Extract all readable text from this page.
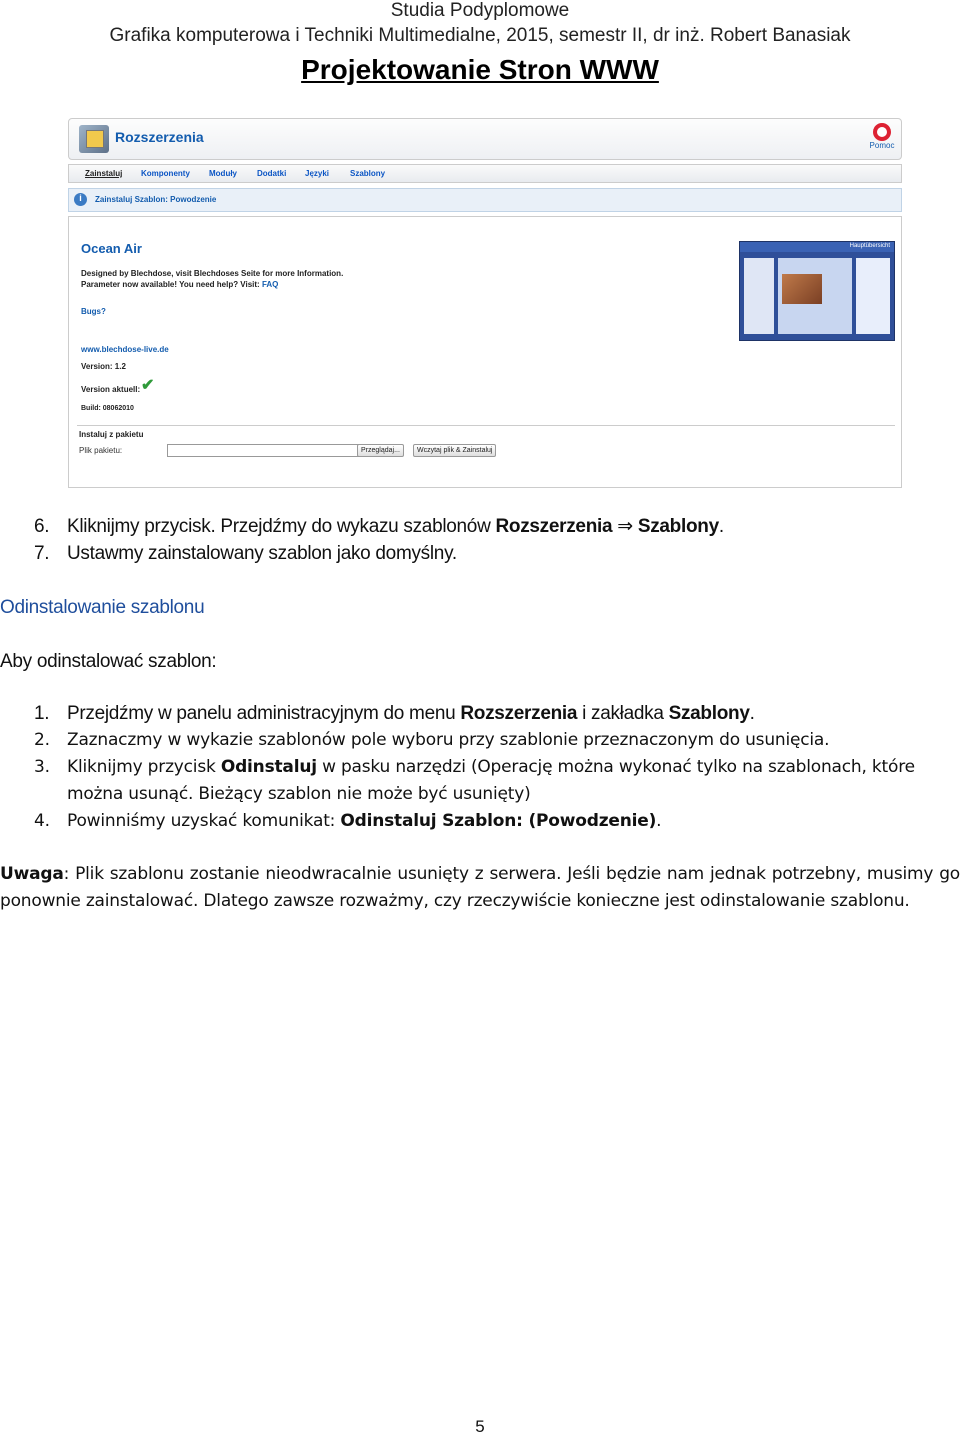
Studia Podyplomowe
Grafika komputerowa i Techniki Multimedialne, 2015, semestr II, dr inż. Robert Banasiak
Projektowanie Stron WWW
Rozszerzenia
Pomoc
Zainstaluj Komponenty Moduły	Dodatki Języki	Szablony
i
Zainstaluj Szablon: Powodzenie
Ocean Air
Designed by Blechdose, visit Blechdoses Seite for more Information.
Parameter now available! You need help? Visit: FAQ
Bugs?
www.blechdose-live.de
Version: 1.2
Version aktuell: ✔
Build: 08062010
Hauptübersicht
Instaluj z pakietu
Plik pakietu:	Przeglądaj...	Wczytaj plik & Zainstaluj
6. Kliknijmy przycisk. Przejdźmy do wykazu szablonów Rozszerzenia ⇒ Szablony.
7. Ustawmy zainstalowany szablon jako domyślny.
Odinstalowanie szablonu
Aby odinstalować szablon:
1. Przejdźmy w panelu administracyjnym do menu Rozszerzenia i zakładka Szablony.
2. Zaznaczmy w wykazie szablonów pole wyboru przy szablonie przeznaczonym do usunięcia.
3. Kliknijmy przycisk Odinstaluj w pasku narzędzi (Operację można wykonać tylko na szablonach, które
można usunąć. Bieżący szablon nie może być usunięty)
4. Powinniśmy uzyskać komunikat: Odinstaluj Szablon: (Powodzenie).
Uwaga: Plik szablonu zostanie nieodwracalnie usunięty z serwera. Jeśli będzie nam jednak potrzebny, musimy go ponownie zainstalować. Dlatego zawsze rozważmy, czy rzeczywiście konieczne jest odinstalowanie szablonu.
5
